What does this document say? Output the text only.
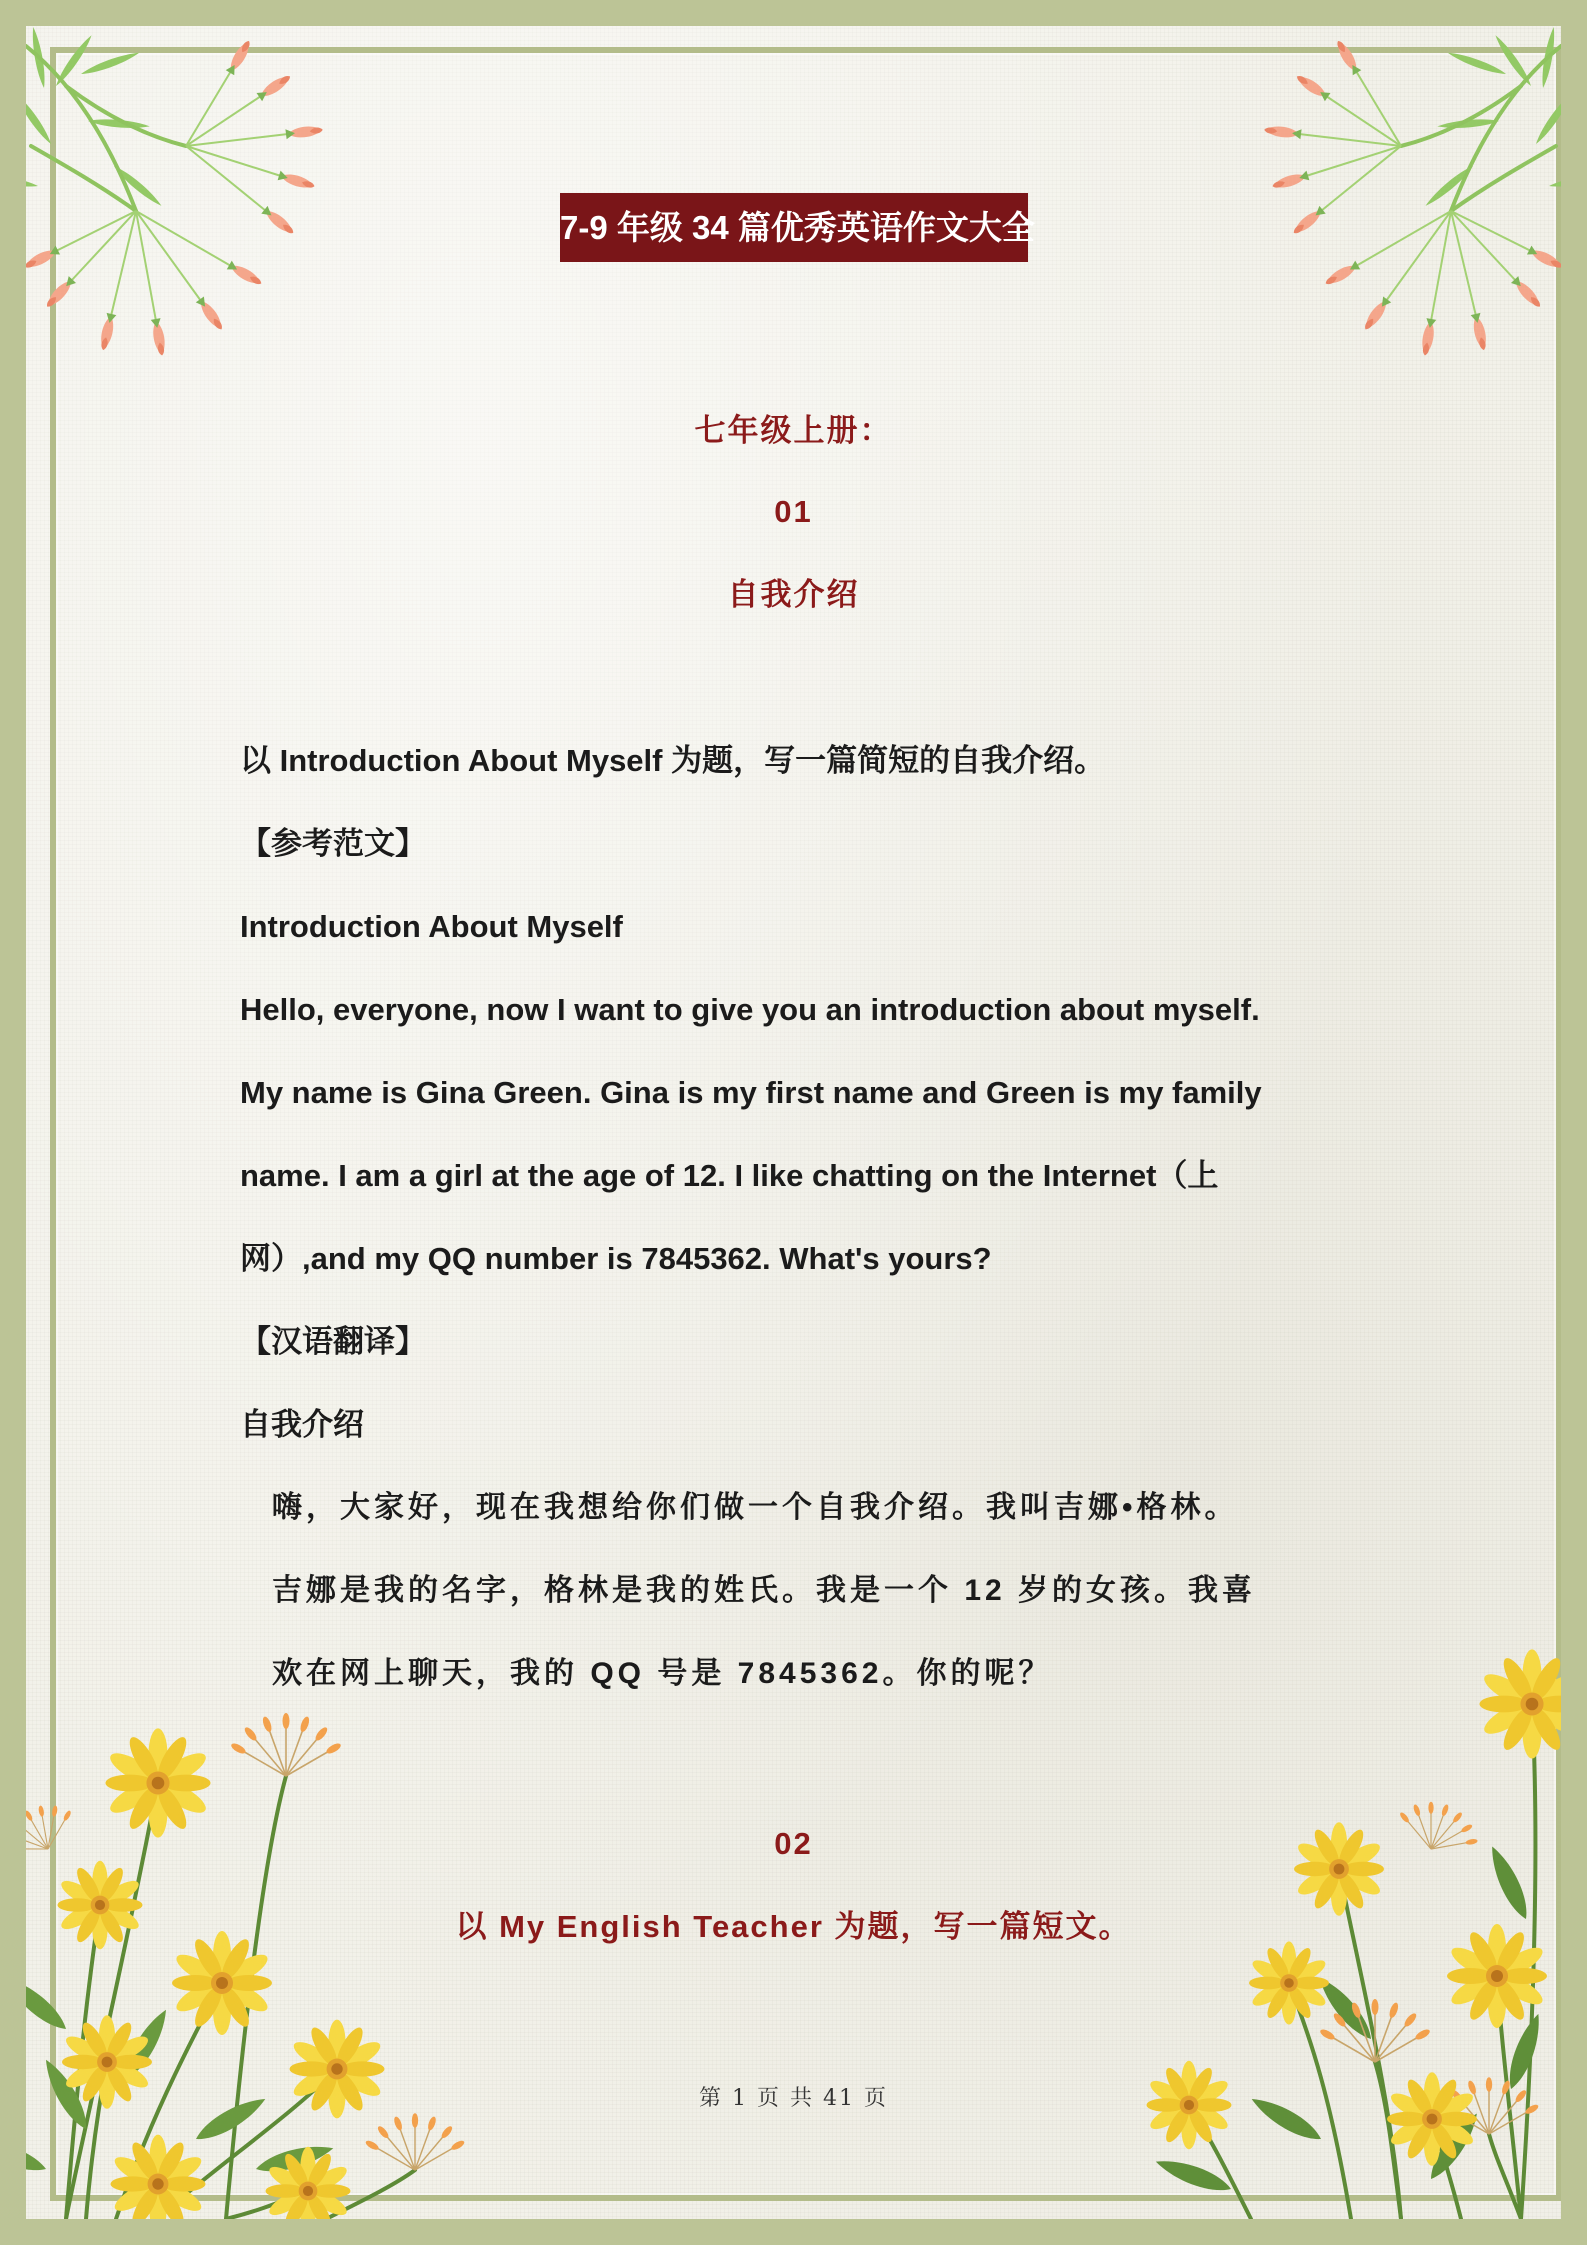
7-9 年级 34 篇优秀英语作文大全
七年级上册：
01
自我介绍
以 Introduction About Myself 为题，写一篇简短的自我介绍。
【参考范文】
Introduction About Myself
Hello, everyone, now I want to give you an introduction about myself.
My name is Gina Green. Gina is my first name and Green is my family
name. I am a girl at the age of 12. I like chatting on the Internet（上
网）,and my QQ number is 7845362. What's yours?
【汉语翻译】
自我介绍
嗨，大家好，现在我想给你们做一个自我介绍。我叫吉娜•格林。
吉娜是我的名字，格林是我的姓氏。我是一个 12 岁的女孩。我喜
欢在网上聊天，我的 QQ 号是 7845362。你的呢？
02
以 My English Teacher 为题，写一篇短文。
第 1 页 共 41 页
